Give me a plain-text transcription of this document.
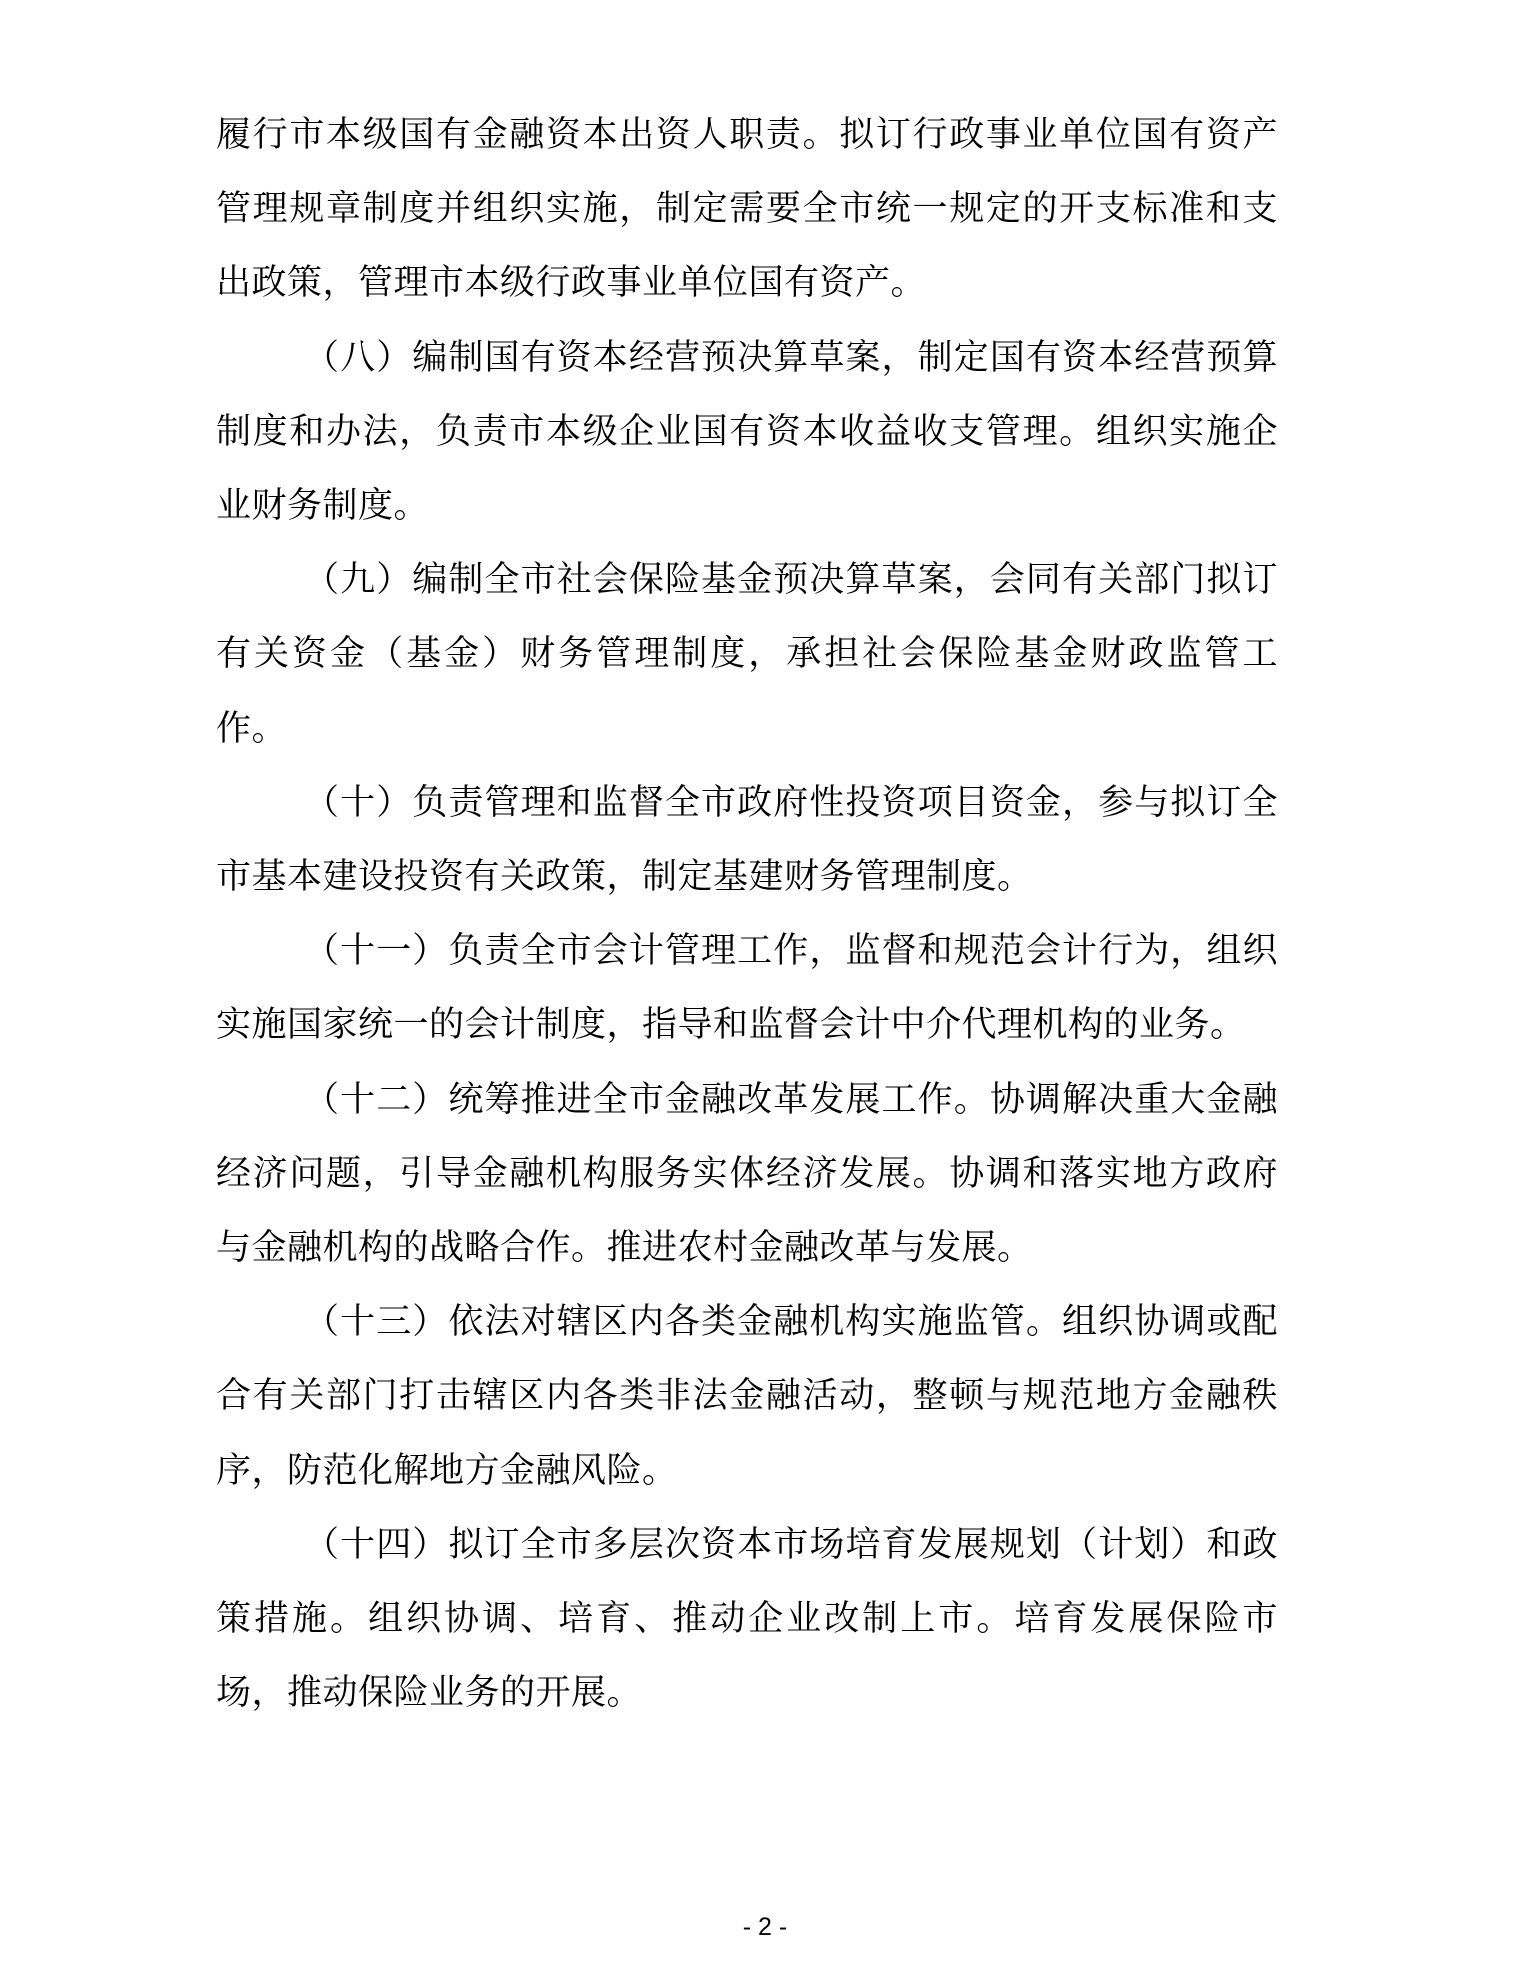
履行市本级国有金融资本出资人职责。拟订行政事业单位国有资产管理规章制度并组织实施，制定需要全市统一规定的开支标准和支出政策，管理市本级行政事业单位国有资产。

（八）编制国有资本经营预决算草案，制定国有资本经营预算制度和办法，负责市本级企业国有资本收益收支管理。组织实施企业财务制度。

（九）编制全市社会保险基金预决算草案，会同有关部门拟订有关资金（基金）财务管理制度，承担社会保险基金财政监管工作。

（十）负责管理和监督全市政府性投资项目资金，参与拟订全市基本建设投资有关政策，制定基建财务管理制度。

（十一）负责全市会计管理工作，监督和规范会计行为，组织实施国家统一的会计制度，指导和监督会计中介代理机构的业务。

（十二）统筹推进全市金融改革发展工作。协调解决重大金融经济问题，引导金融机构服务实体经济发展。协调和落实地方政府与金融机构的战略合作。推进农村金融改革与发展。

（十三）依法对辖区内各类金融机构实施监管。组织协调或配合有关部门打击辖区内各类非法金融活动，整顿与规范地方金融秩序，防范化解地方金融风险。

（十四）拟订全市多层次资本市场培育发展规划（计划）和政策措施。组织协调、培育、推动企业改制上市。培育发展保险市场，推动保险业务的开展。

- 2 -
